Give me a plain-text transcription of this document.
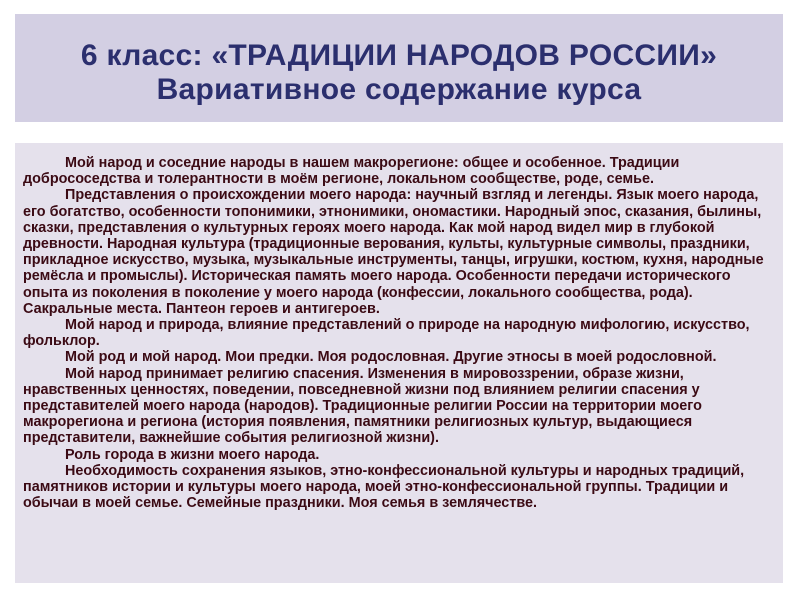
6 класс: «ТРАДИЦИИ НАРОДОВ РОССИИ»
Вариативное содержание курса

Мой народ и соседние народы в нашем макрорегионе: общее и особенное. Традиции добрососедства и толерантности в моём регионе, локальном сообществе, роде, семье.

Представления о происхождении моего народа: научный взгляд и легенды. Язык моего народа, его богатство, особенности топонимики, этнонимики, ономастики. Народный эпос, сказания, былины, сказки, представления о культурных героях моего народа. Как мой народ видел мир в глубокой древности. Народная культура (традиционные верования, культы, культурные символы, праздники, прикладное искусство, музыка, музыкальные инструменты, танцы, игрушки, костюм, кухня, народные ремёсла и промыслы). Историческая память моего народа. Особенности передачи исторического опыта из поколения в поколение у моего народа (конфессии, локального сообщества, рода). Сакральные места. Пантеон героев и антигероев.

Мой народ и природа, влияние представлений о природе на народную мифологию, искусство, фольклор.

Мой род и мой народ. Мои предки. Моя родословная. Другие этносы в моей родословной.

Мой народ принимает религию спасения. Изменения в мировоззрении, образе жизни, нравственных ценностях, поведении, повседневной жизни под влиянием религии спасения у представителей моего народа (народов). Традиционные религии России на территории моего макрорегиона и региона (история появления, памятники религиозных культур, выдающиеся представители, важнейшие события религиозной жизни).

Роль города в жизни моего народа.

Необходимость сохранения языков, этно-конфессиональной культуры и народных традиций, памятников истории и культуры моего народа, моей этно-конфессиональной группы. Традиции и обычаи в моей семье. Семейные праздники. Моя семья в землячестве.
